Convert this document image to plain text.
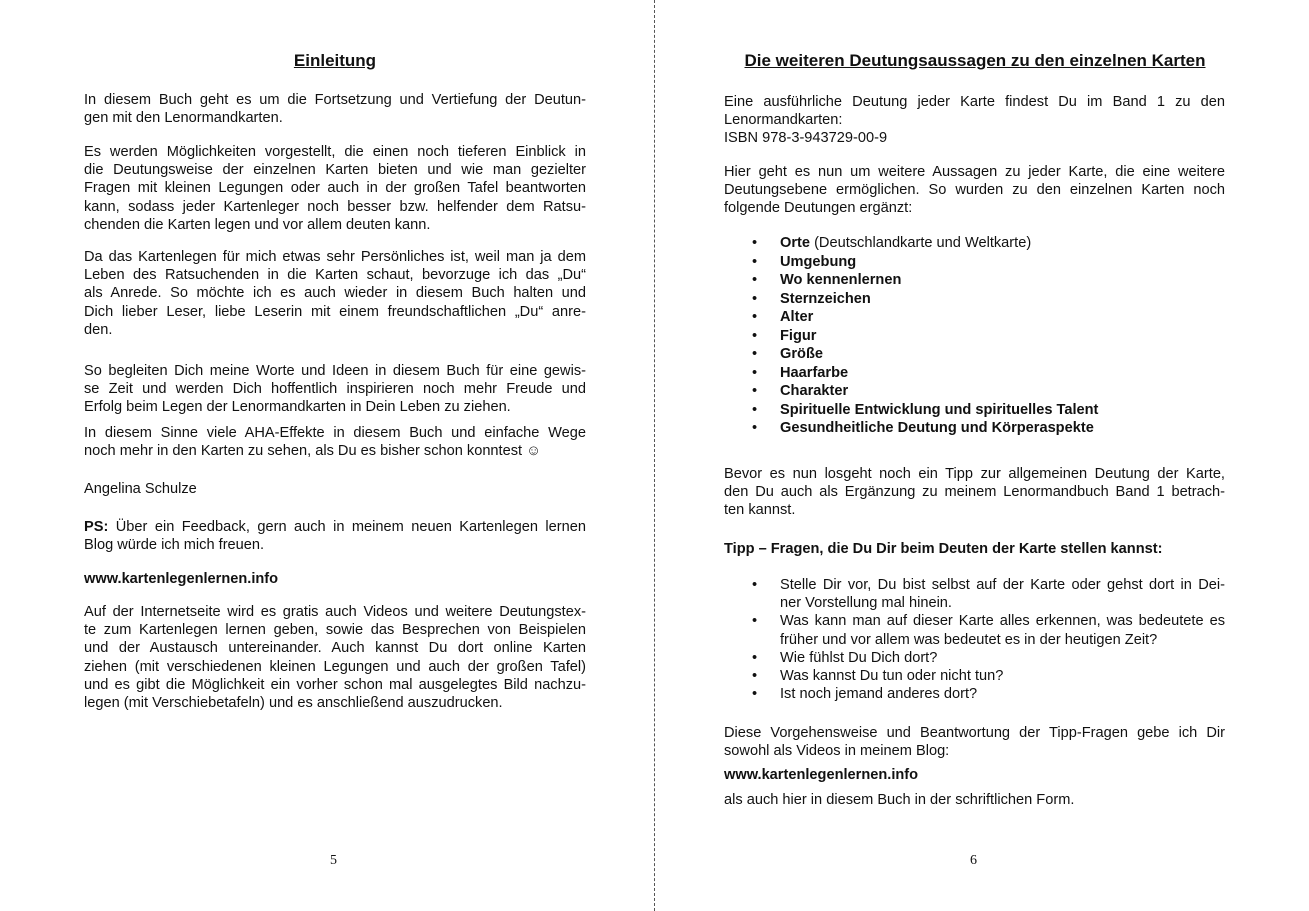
Einleitung
5
In diesem Buch geht es um die Fortsetzung und Vertiefung der Deutun-
gen mit den Lenormandkarten.
Es werden Möglichkeiten vorgestellt, die einen noch tieferen Einblick in
die Deutungsweise der einzelnen Karten bieten und wie man gezielter
Fragen mit kleinen Legungen oder auch in der großen Tafel beantworten
kann, sodass jeder Kartenleger noch besser bzw. helfender dem Ratsu-
chenden die Karten legen und vor allem deuten kann.
Da das Kartenlegen für mich etwas sehr Persönliches ist, weil man ja dem
Leben des Ratsuchenden in die Karten schaut, bevorzuge ich das „Du“
als Anrede. So möchte ich es auch wieder in diesem Buch halten und
Dich lieber Leser, liebe Leserin mit einem freundschaftlichen „Du“ anre-
den.
So begleiten Dich meine Worte und Ideen in diesem Buch für eine gewis-
se Zeit und werden Dich hoffentlich inspirieren noch mehr Freude und
Erfolg beim Legen der Lenormandkarten in Dein Leben zu ziehen.
In diesem Sinne viele AHA-Effekte in diesem Buch und einfache Wege
noch mehr in den Karten zu sehen, als Du es bisher schon konntest ☺
Angelina Schulze
PS: Über ein Feedback, gern auch in meinem neuen Kartenlegen lernen
Blog würde ich mich freuen.
www.kartenlegenlernen.info
Auf der Internetseite wird es gratis auch Videos und weitere Deutungstex-
te zum Kartenlegen lernen geben, sowie das Besprechen von Beispielen
und der Austausch untereinander. Auch kannst Du dort online Karten
ziehen (mit verschiedenen kleinen Legungen und auch der großen Tafel)
und es gibt die Möglichkeit ein vorher schon mal ausgelegtes Bild nachzu-
legen (mit Verschiebetafeln) und es anschließend auszudrucken.
Die weiteren Deutungsaussagen zu den einzelnen Karten
6
Eine ausführliche Deutung jeder Karte findest Du im Band 1 zu den
Lenormandkarten:
ISBN 978-3-943729-00-9
Hier geht es nun um weitere Aussagen zu jeder Karte, die eine weitere
Deutungsebene ermöglichen. So wurden zu den einzelnen Karten noch
folgende Deutungen ergänzt:
• Orte (Deutschlandkarte und Weltkarte)
• Umgebung
• Wo kennenlernen
• Sternzeichen
• Alter
• Figur
• Größe
• Haarfarbe
• Charakter
• Spirituelle Entwicklung und spirituelles Talent
• Gesundheitliche Deutung und Körperaspekte
Bevor es nun losgeht noch ein Tipp zur allgemeinen Deutung der Karte,
den Du auch als Ergänzung zu meinem Lenormandbuch Band 1 betrach-
ten kannst.
Tipp – Fragen, die Du Dir beim Deuten der Karte stellen kannst:
• Stelle Dir vor, Du bist selbst auf der Karte oder gehst dort in Dei-
ner Vorstellung mal hinein.
• Was kann man auf dieser Karte alles erkennen, was bedeutete es
früher und vor allem was bedeutet es in der heutigen Zeit?
• Wie fühlst Du Dich dort?
• Was kannst Du tun oder nicht tun?
• Ist noch jemand anderes dort?
Diese Vorgehensweise und Beantwortung der Tipp-Fragen gebe ich Dir
sowohl als Videos in meinem Blog:
www.kartenlegenlernen.info
als auch hier in diesem Buch in der schriftlichen Form.
